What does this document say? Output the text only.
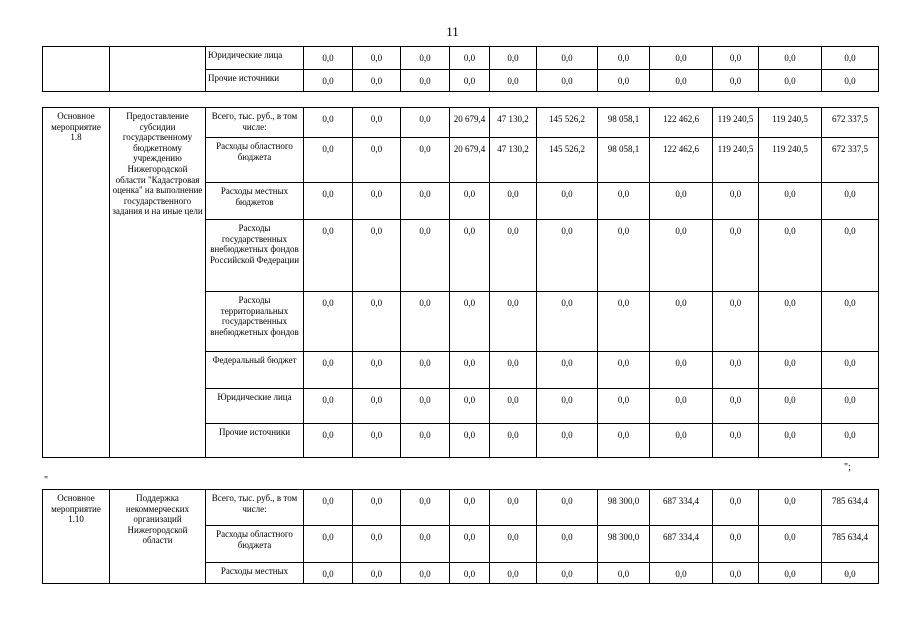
11
		Юридические лица	0,0	0,0	0,0	0,0	0,0	0,0	0,0	0,0	0,0	0,0	0,0
		Прочие источники	0,0	0,0	0,0	0,0	0,0	0,0	0,0	0,0	0,0	0,0	0,0
Основное мероприятие 1.8	Предоставление субсидии государственному бюджетному учреждению Нижегородской области "Кадастровая оценка" на выполнение государственного задания и на иные цели	Всего, тыс. руб., в том числе:	0,0	0,0	0,0	20 679,4	47 130,2	145 526,2	98 058,1	122 462,6	119 240,5	119 240,5	672 337,5
		Расходы областного бюджета	0,0	0,0	0,0	20 679,4	47 130,2	145 526,2	98 058,1	122 462,6	119 240,5	119 240,5	672 337,5
		Расходы местных бюджетов	0,0	0,0	0,0	0,0	0,0	0,0	0,0	0,0	0,0	0,0	0,0
		Расходы государственных внебюджетных фондов Российской Федерации	0,0	0,0	0,0	0,0	0,0	0,0	0,0	0,0	0,0	0,0	0,0
		Расходы территориальных государственных внебюджетных фондов	0,0	0,0	0,0	0,0	0,0	0,0	0,0	0,0	0,0	0,0	0,0
		Федеральный бюджет	0,0	0,0	0,0	0,0	0,0	0,0	0,0	0,0	0,0	0,0	0,0
		Юридические лица	0,0	0,0	0,0	0,0	0,0	0,0	0,0	0,0	0,0	0,0	0,0
		Прочие источники	0,0	0,0	0,0	0,0	0,0	0,0	0,0	0,0	0,0	0,0	0,0
";
"
Основное мероприятие 1.10	Поддержка некоммерческих организаций Нижегородской области	Всего, тыс. руб., в том числе:	0,0	0,0	0,0	0,0	0,0	0,0	98 300,0	687 334,4	0,0	0,0	785 634,4
		Расходы областного бюджета	0,0	0,0	0,0	0,0	0,0	0,0	98 300,0	687 334,4	0,0	0,0	785 634,4
		Расходы местных	0,0	0,0	0,0	0,0	0,0	0,0	0,0	0,0	0,0	0,0	0,0
